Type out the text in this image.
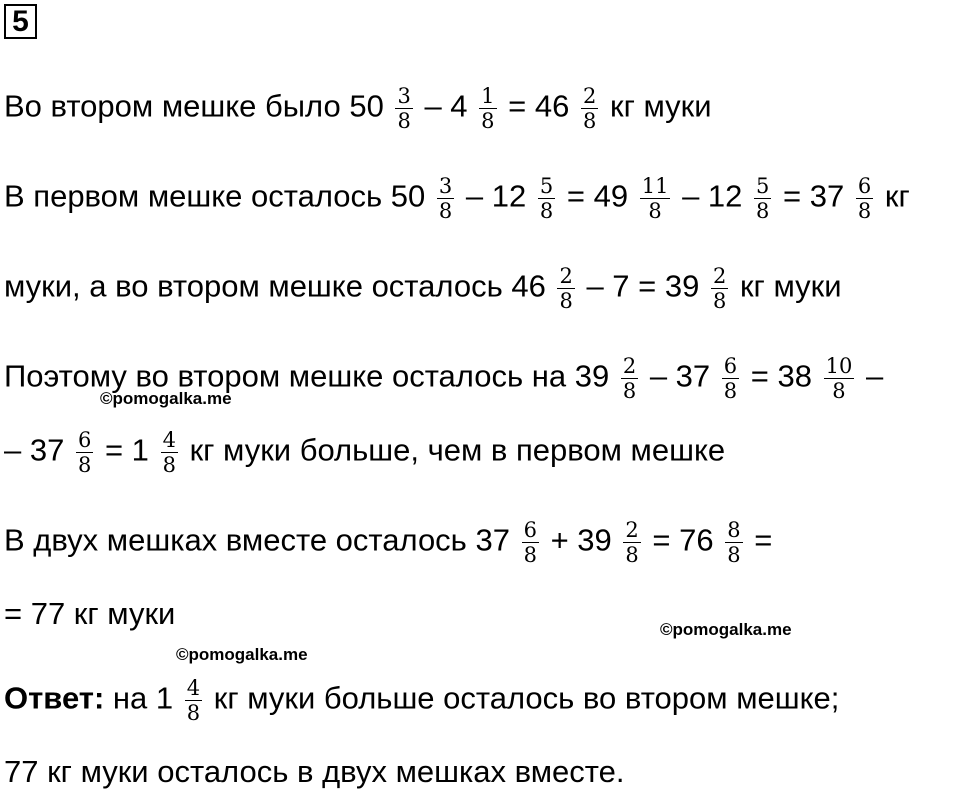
5
Во втором мешке было $50 \frac{3}{8} - 4 \frac{1}{8} = 46 \frac{2}{8}$ кг муки
В первом мешке осталось $50 \frac{3}{8} - 12 \frac{5}{8} = 49 \frac{11}{8} - 12 \frac{5}{8} = 37 \frac{6}{8}$ кг
муки, а во втором мешке осталось $46 \frac{2}{8} - 7 = 39 \frac{2}{8}$ кг муки
Поэтому во втором мешке осталось на $39 \frac{2}{8} - 37 \frac{6}{8} = 38 \frac{10}{8}$ –
©pomogalka.me
– $37 \frac{6}{8} = 1 \frac{4}{8}$ кг муки больше, чем в первом мешке
В двух мешках вместе осталось $37 \frac{6}{8} + 39 \frac{2}{8} = 76 \frac{8}{8}$ =
= 77 кг муки	©pomogalka.me
©pomogalka.me
Ответ: на $1 \frac{4}{8}$ кг муки больше осталось во втором мешке;
77 кг муки осталось в двух мешках вместе.
